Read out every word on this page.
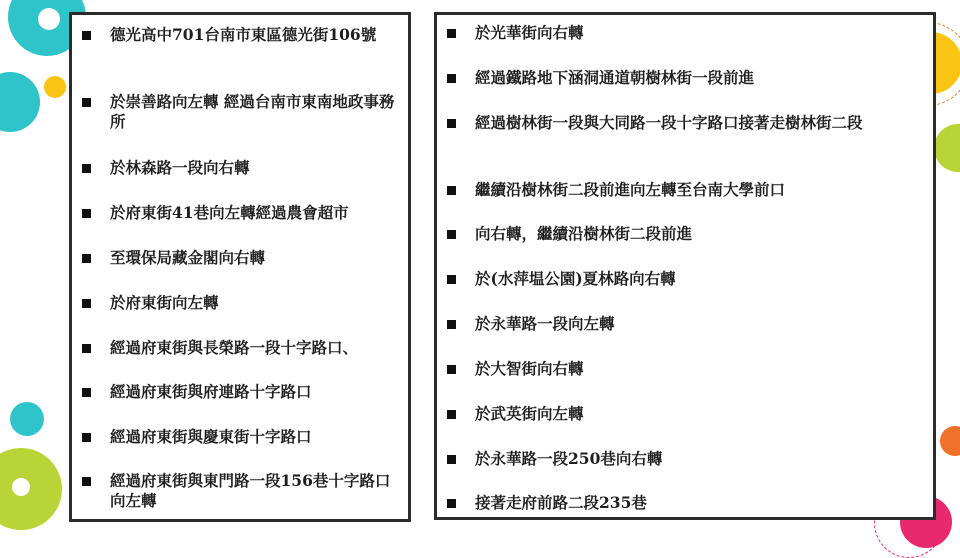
德光高中701台南市東區德光街106號
於崇善路向左轉 經過台南市東南地政事務所
於林森路一段向右轉
於府東街41巷向左轉經過農會超市
至環保局藏金閣向右轉
於府東街向左轉
經過府東街與長榮路一段十字路口、
經過府東街與府連路十字路口
經過府東街與慶東街十字路口
經過府東街與東門路一段156巷十字路口向左轉
於光華街向右轉
經過鐵路地下涵洞通道朝樹林街一段前進
經過樹林街一段與大同路一段十字路口接著走樹林街二段
繼續沿樹林街二段前進向左轉至台南大學前口
向右轉，繼續沿樹林街二段前進
於(水萍塭公園)夏林路向右轉
於永華路一段向左轉
於大智街向右轉
於武英街向左轉
於永華路一段250巷向右轉
接著走府前路二段235巷
